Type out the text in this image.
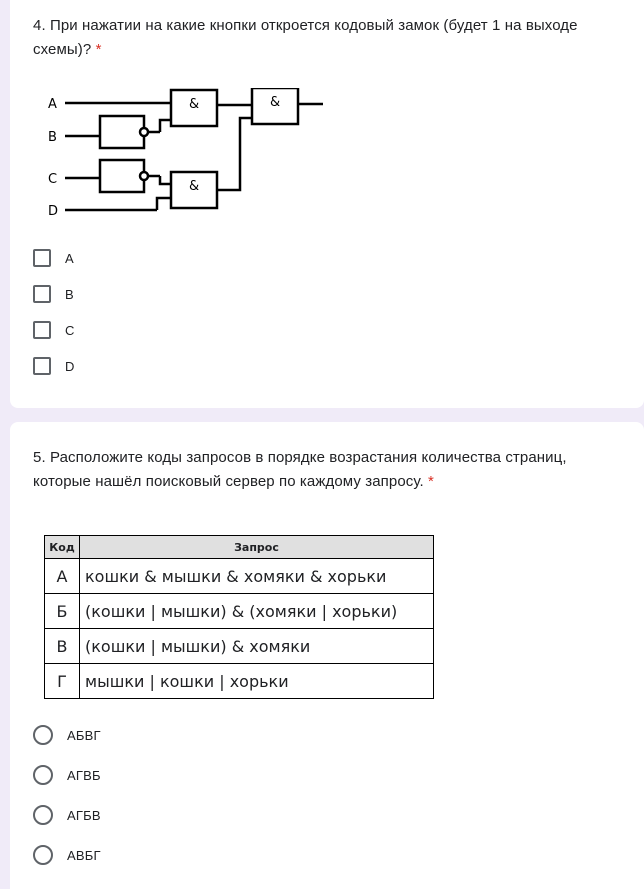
4. При нажатии на какие кнопки откроется кодовый замок (будет 1 на выходе схемы)? *
A
B
C
D
&	&
&
A
B
C
D
5. Расположите коды запросов в порядке возрастания количества страниц, которые нашёл поисковый сервер по каждому запросу. *
Код	Запрос
А	кошки & мышки & хомяки & хорьки
Б	(кошки | мышки) & (хомяки | хорьки)
В	(кошки | мышки) & хомяки
Г	мышки | кошки | хорьки
АБВГ
АГВБ
АГБВ
АВБГ
